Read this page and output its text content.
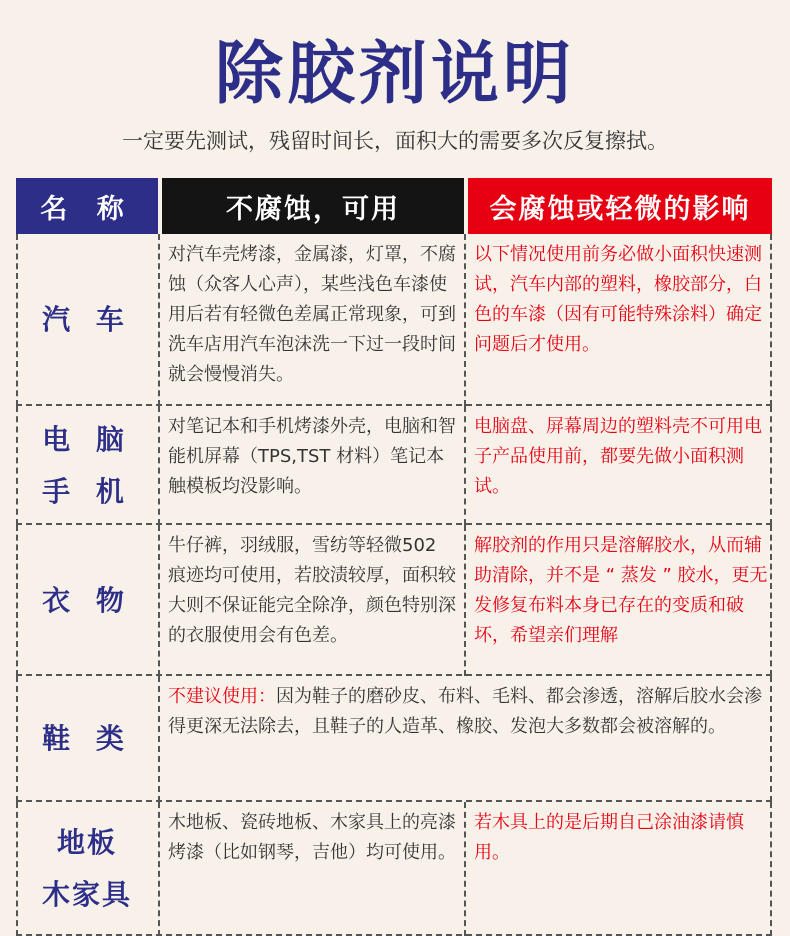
除胶剂说明
一定要先测试，残留时间长，面积大的需要多次反复擦拭。
名 称	不腐蚀，可用	会腐蚀或轻微的影响
汽 车
对汽车壳烤漆，金属漆，灯罩，不腐蚀（众客人心声），某些浅色车漆使用后若有轻微色差属正常现象，可到洗车店用汽车泡沫洗一下过一段时间就会慢慢消失。
以下情况使用前务必做小面积快速测试，汽车内部的塑料，橡胶部分，白色的车漆（因有可能特殊涂料）确定问题后才使用。
电 脑
手 机
对笔记本和手机烤漆外壳，电脑和智能机屏幕（TPS,TST 材料）笔记本触模板均没影响。
电脑盘、屏幕周边的塑料壳不可用电子产品使用前，都要先做小面积测试。
衣 物
牛仔裤，羽绒服，雪纺等轻微502 痕迹均可使用，若胶渍较厚，面积较大则不保证能完全除净，颜色特别深的衣服使用会有色差。
解胶剂的作用只是溶解胶水，从而辅助清除，并不是 “ 蒸发 ” 胶水，更无发修复布料本身已存在的变质和破坏，希望亲们理解
鞋 类
不建议使用：因为鞋子的磨砂皮、布料、毛料、都会渗透，溶解后胶水会渗得更深无法除去，且鞋子的人造革、橡胶、发泡大多数都会被溶解的。
地板
木家具
木地板、瓷砖地板、木家具上的亮漆烤漆（比如钢琴，吉他）均可使用。
若木具上的是后期自己涂油漆请慎用。
